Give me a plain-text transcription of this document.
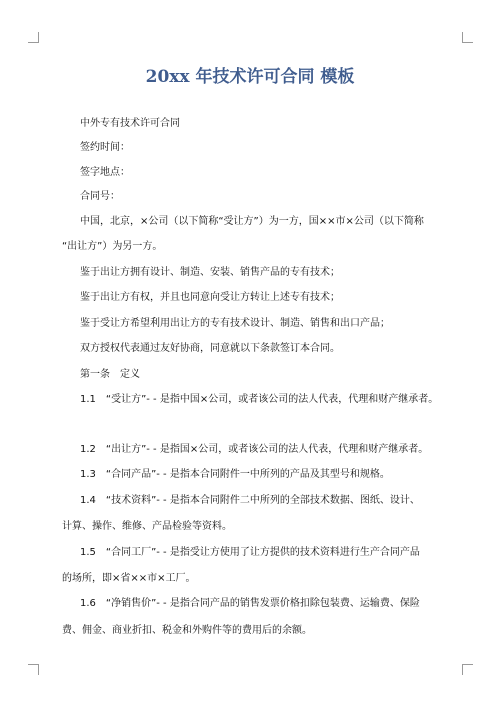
20xx 年技术许可合同 模板
中外专有技术许可合同
签约时间：
签字地点：
合同号：
中国，北京，×公司（以下简称“受让方”）为一方，国××市×公司（以下简称
“出让方”）为另一方。
鉴于出让方拥有设计、制造、安装、销售产品的专有技术；
鉴于出让方有权，并且也同意向受让方转让上述专有技术；
鉴于受让方希望利用出让方的专有技术设计、制造、销售和出口产品；
双方授权代表通过友好协商，同意就以下条款签订本合同。
第一条　定义
1.1　“受让方”- - 是指中国×公司，或者该公司的法人代表，代理和财产继承者。
1.2　“出让方”- - 是指国×公司，或者该公司的法人代表，代理和财产继承者。
1.3　“合同产品”- - 是指本合同附件一中所列的产品及其型号和规格。
1.4　“技术资料”- - 是指本合同附件二中所列的全部技术数据、图纸、设计、
计算、操作、维修、产品检验等资料。
1.5　“合同工厂”- - 是指受让方使用了让方提供的技术资料进行生产合同产品
的场所，即×省××市×工厂。
1.6　“净销售价”- - 是指合同产品的销售发票价格扣除包装费、运输费、保险
费、佣金、商业折扣、税金和外购件等的费用后的余额。
